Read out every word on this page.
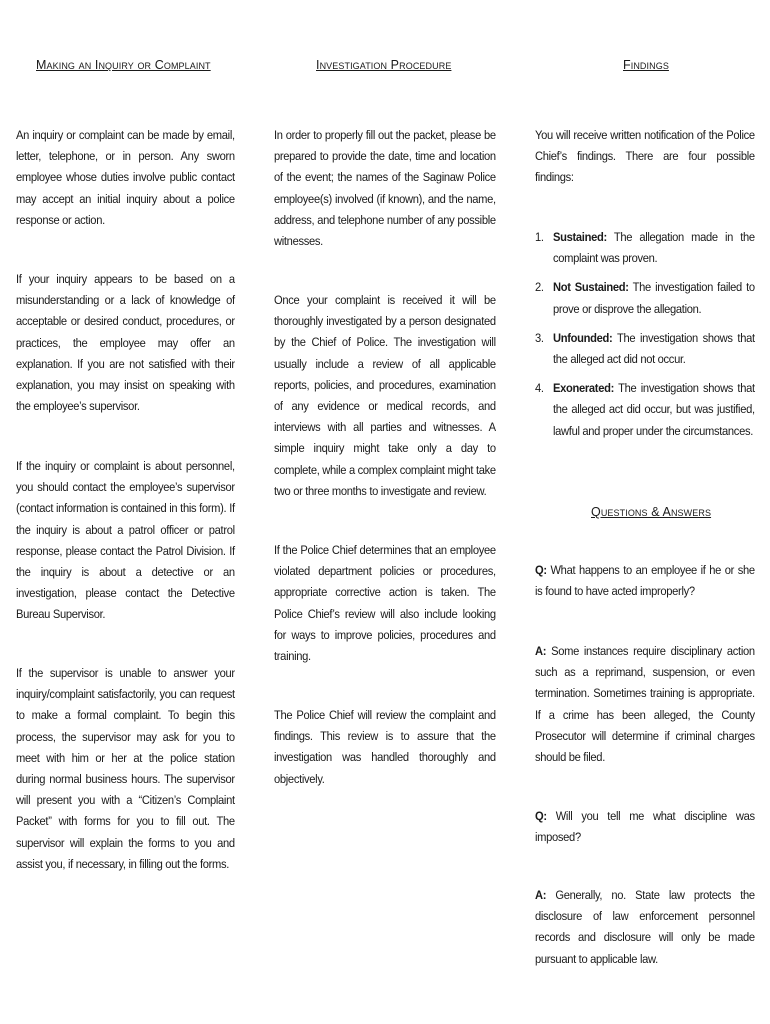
Making an Inquiry or Complaint
An inquiry or complaint can be made by email, letter, telephone, or in person. Any sworn employee whose duties involve public contact may accept an initial inquiry about a police response or action.
If your inquiry appears to be based on a misunderstanding or a lack of knowledge of acceptable or desired conduct, procedures, or practices, the employee may offer an explanation. If you are not satisfied with their explanation, you may insist on speaking with the employee’s supervisor.
If the inquiry or complaint is about personnel, you should contact the employee’s supervisor (contact information is contained in this form). If the inquiry is about a patrol officer or patrol response, please contact the Patrol Division. If the inquiry is about a detective or an investigation, please contact the Detective Bureau Supervisor.
If the supervisor is unable to answer your inquiry/complaint satisfactorily, you can request to make a formal complaint. To begin this process, the supervisor may ask for you to meet with him or her at the police station during normal business hours. The supervisor will present you with a “Citizen’s Complaint Packet” with forms for you to fill out. The supervisor will explain the forms to you and assist you, if necessary, in filling out the forms.
Investigation Procedure
In order to properly fill out the packet, please be prepared to provide the date, time and location of the event; the names of the Saginaw Police employee(s) involved (if known), and the name, address, and telephone number of any possible witnesses.
Once your complaint is received it will be thoroughly investigated by a person designated by the Chief of Police. The investigation will usually include a review of all applicable reports, policies, and procedures, examination of any evidence or medical records, and interviews with all parties and witnesses. A simple inquiry might take only a day to complete, while a complex complaint might take two or three months to investigate and review.
If the Police Chief determines that an employee violated department policies or procedures, appropriate corrective action is taken. The Police Chief’s review will also include looking for ways to improve policies, procedures and training.
The Police Chief will review the complaint and findings. This review is to assure that the investigation was handled thoroughly and objectively.
Findings
You will receive written notification of the Police Chief’s findings. There are four possible findings:
1. Sustained: The allegation made in the complaint was proven.
2. Not Sustained: The investigation failed to prove or disprove the allegation.
3. Unfounded: The investigation shows that the alleged act did not occur.
4. Exonerated: The investigation shows that the alleged act did occur, but was justified, lawful and proper under the circumstances.
Questions & Answers
Q: What happens to an employee if he or she is found to have acted improperly?
A: Some instances require disciplinary action such as a reprimand, suspension, or even termination. Sometimes training is appropriate. If a crime has been alleged, the County Prosecutor will determine if criminal charges should be filed.
Q: Will you tell me what discipline was imposed?
A: Generally, no. State law protects the disclosure of law enforcement personnel records and disclosure will only be made pursuant to applicable law.
